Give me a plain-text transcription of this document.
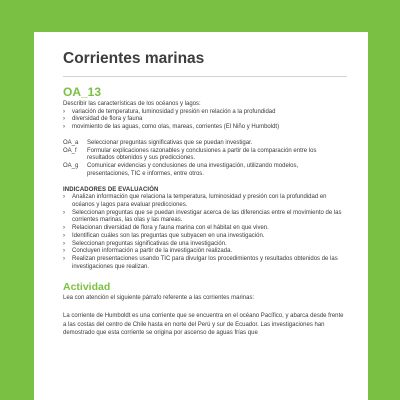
Corrientes marinas
OA_13

Describir las características de los océanos y lagos:

› variación de temperatura, luminosidad y presión en relación a la profundidad
› diversidad de flora y fauna
› movimiento de las aguas, como olas, mareas, corrientes (El Niño y Humboldt)
OA_a	Seleccionar preguntas significativas que se puedan investigar.
OA_f	Formular explicaciones razonables y conclusiones a partir de la comparación entre los resultados obtenidos y sus predicciones.
OA_g	Comunicar evidencias y conclusiones de una investigación, utilizando modelos, presentaciones, TIC e informes, entre otros.
INDICADORES DE EVALUACIÓN
› Analizan información que relaciona la temperatura, luminosidad y presión con la profundidad en océanos y lagos para evaluar predicciones.
› Seleccionan preguntas que se puedan investigar acerca de las diferencias entre el movimiento de las corrientes marinas, las olas y las mareas.
› Relacionan diversidad de flora y fauna marina con el hábitat en que viven.
› Identifican cuáles son las preguntas que subyacen en una investigación.
› Seleccionan preguntas significativas de una investigación.
› Concluyen información a partir de la investigación realizada.
› Realizan presentaciones usando TIC para divulgar los procedimientos y resultados obtenidos de las investigaciones que realizan.
Actividad

Lea con atención el siguiente párrafo referente a las corrientes marinas:

La corriente de Humboldt es una corriente que se encuentra en el océano Pacífico, y abarca desde frente a las costas del centro de Chile hasta en norte del Perú y sur de Ecuador. Las investigaciones han demostrado que esta corriente se origina por ascenso de aguas frías que
